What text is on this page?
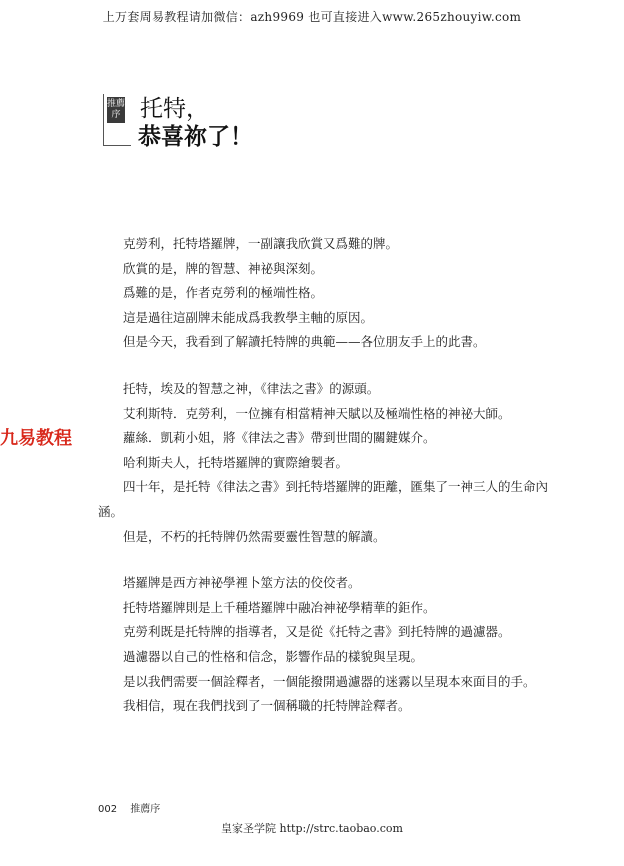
上万套周易教程请加微信：azh9969 也可直接进入www.265zhouyiw.com
推薦序 托特，
恭喜祢了！
九易教程

克勞利，托特塔羅牌，一副讓我欣賞又爲難的牌。

欣賞的是，牌的智慧、神祕與深刻。

爲難的是，作者克勞利的極端性格。

這是過往這副牌未能成爲我教學主軸的原因。

但是今天，我看到了解讀托特牌的典範——各位朋友手上的此書。

托特，埃及的智慧之神，《律法之書》的源頭。

艾利斯特．克勞利，一位擁有相當精神天賦以及極端性格的神祕大師。

蘿絲．凱莉小姐，將《律法之書》帶到世間的關鍵媒介。

哈利斯夫人，托特塔羅牌的實際繪製者。

四十年，是托特《律法之書》到托特塔羅牌的距離，匯集了一神三人的生命內涵。

但是，不朽的托特牌仍然需要靈性智慧的解讀。

塔羅牌是西方神祕學裡卜筮方法的佼佼者。

托特塔羅牌則是上千種塔羅牌中融冶神祕學精華的鉅作。

克勞利既是托特牌的指導者，又是從《托特之書》到托特牌的過濾器。

過濾器以自己的性格和信念，影響作品的樣貌與呈現。

是以我們需要一個詮釋者，一個能撥開過濾器的迷霧以呈現本來面目的手。

我相信，現在我們找到了一個稱職的托特牌詮釋者。

002 推薦序
皇家圣学院 http://strc.taobao.com
